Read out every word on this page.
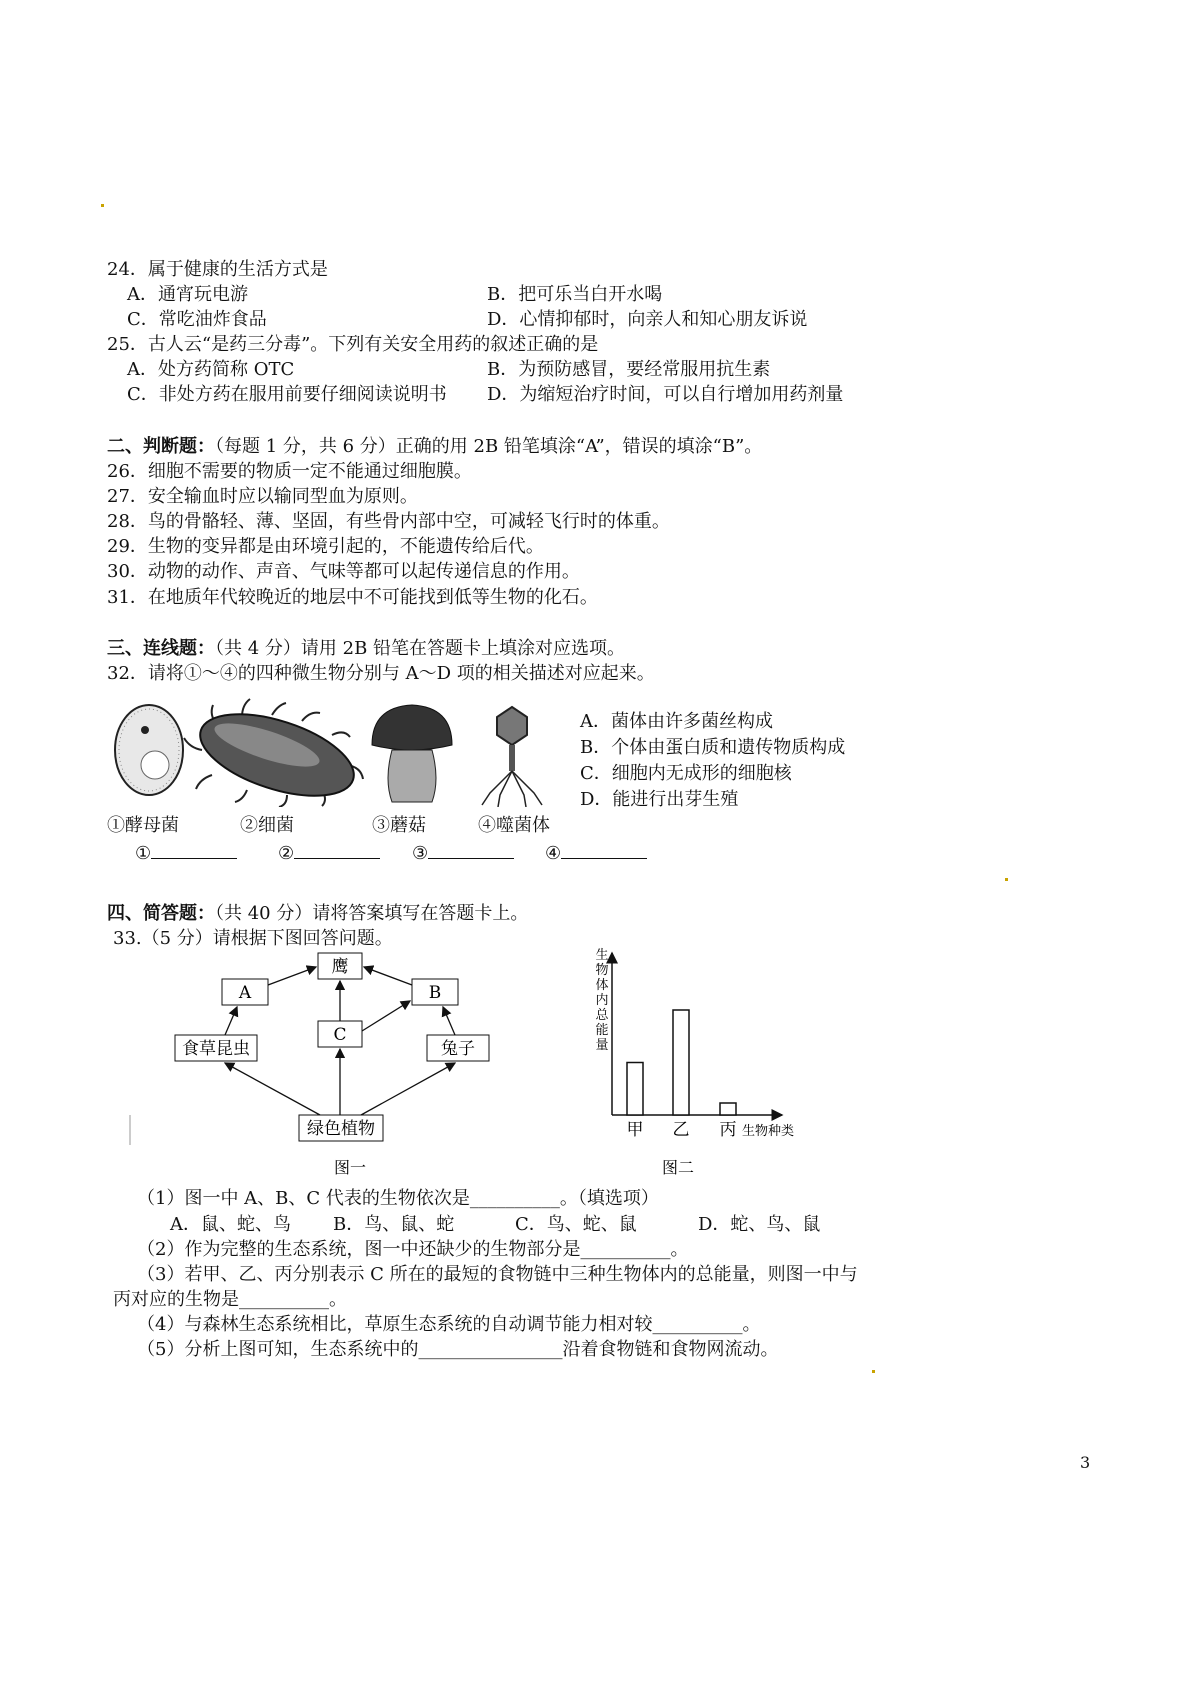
24．属于健康的生活方式是
A．通宵玩电游	B．把可乐当白开水喝
C．常吃油炸食品	D．心情抑郁时，向亲人和知心朋友诉说
25．古人云“是药三分毒”。下列有关安全用药的叙述正确的是
A．处方药简称 OTC	B．为预防感冒，要经常服用抗生素
C．非处方药在服用前要仔细阅读说明书 D．为缩短治疗时间，可以自行增加用药剂量
二、判断题：（每题 1 分，共 6 分）正确的用 2B 铅笔填涂“A”，错误的填涂“B”。
26．细胞不需要的物质一定不能通过细胞膜。
27．安全输血时应以输同型血为原则。
28．鸟的骨骼轻、薄、坚固，有些骨内部中空，可减轻飞行时的体重。
29．生物的变异都是由环境引起的，不能遗传给后代。
30．动物的动作、声音、气味等都可以起传递信息的作用。
31．在地质年代较晚近的地层中不可能找到低等生物的化石。
三、连线题：（共 4 分）请用 2B 铅笔在答题卡上填涂对应选项。
32．请将①～④的四种微生物分别与 A～D 项的相关描述对应起来。
A．菌体由许多菌丝构成
B．个体由蛋白质和遗传物质构成
C．细胞内无成形的细胞核
D．能进行出芽生殖
①酵母菌	②细菌	③蘑菇	④噬菌体
①	②	③	④
四、简答题：（共 40 分）请将答案填写在答题卡上。
33.（5 分）请根据下图回答问题。
鹰
A	B
C
食草昆虫	兔子
绿色植物
图一
甲 乙 丙
生
物
体
内
总
能
量
生物种类
图二
（1）图一中 A、B、C 代表的生物依次是__________。（填选项）
A．鼠、蛇、鸟 B．鸟、鼠、蛇	C．鸟、蛇、鼠	D．蛇、鸟、鼠
（2）作为完整的生态系统，图一中还缺少的生物部分是__________。
（3）若甲、乙、丙分别表示 C 所在的最短的食物链中三种生物体内的总能量，则图一中与
丙对应的生物是__________。
（4）与森林生态系统相比，草原生态系统的自动调节能力相对较__________。
（5）分析上图可知，生态系统中的________________沿着食物链和食物网流动。
3
